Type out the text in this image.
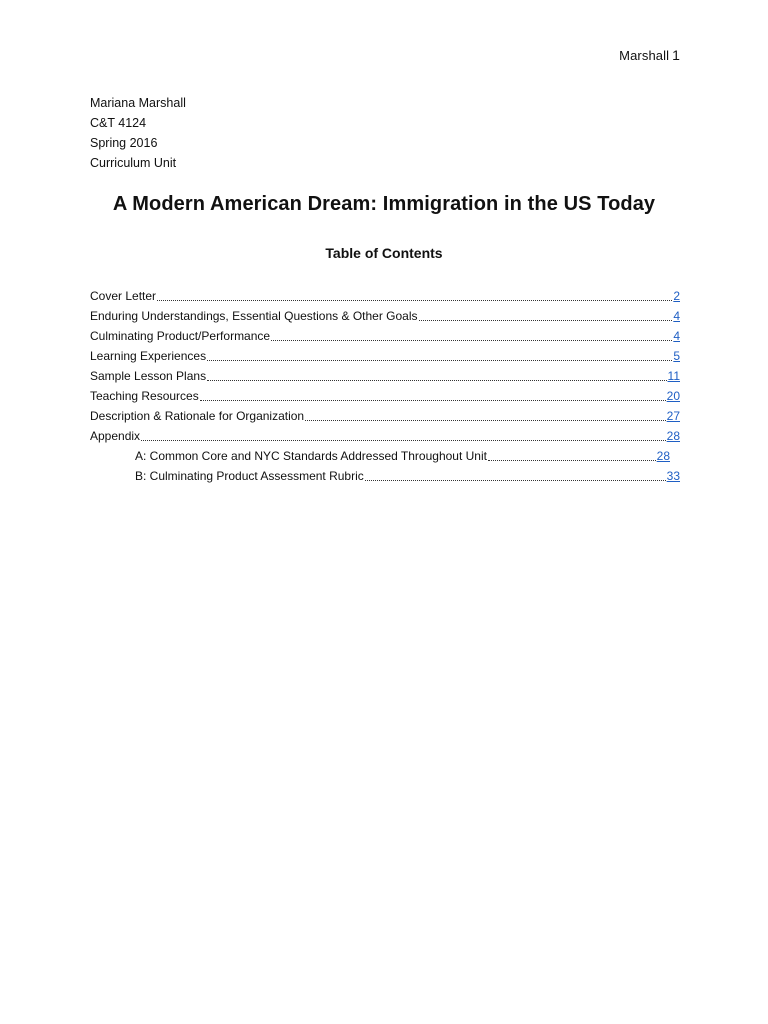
Marshall 1
Mariana Marshall
C&T 4124
Spring 2016
Curriculum Unit
A Modern American Dream: Immigration in the US Today
Table of Contents
Cover Letter	2
Enduring Understandings, Essential Questions & Other Goals	4
Culminating Product/Performance	4
Learning Experiences	5
Sample Lesson Plans	11
Teaching Resources	20
Description & Rationale for Organization	27
Appendix	28
A: Common Core and NYC Standards Addressed Throughout Unit	28
B: Culminating Product Assessment Rubric	33
